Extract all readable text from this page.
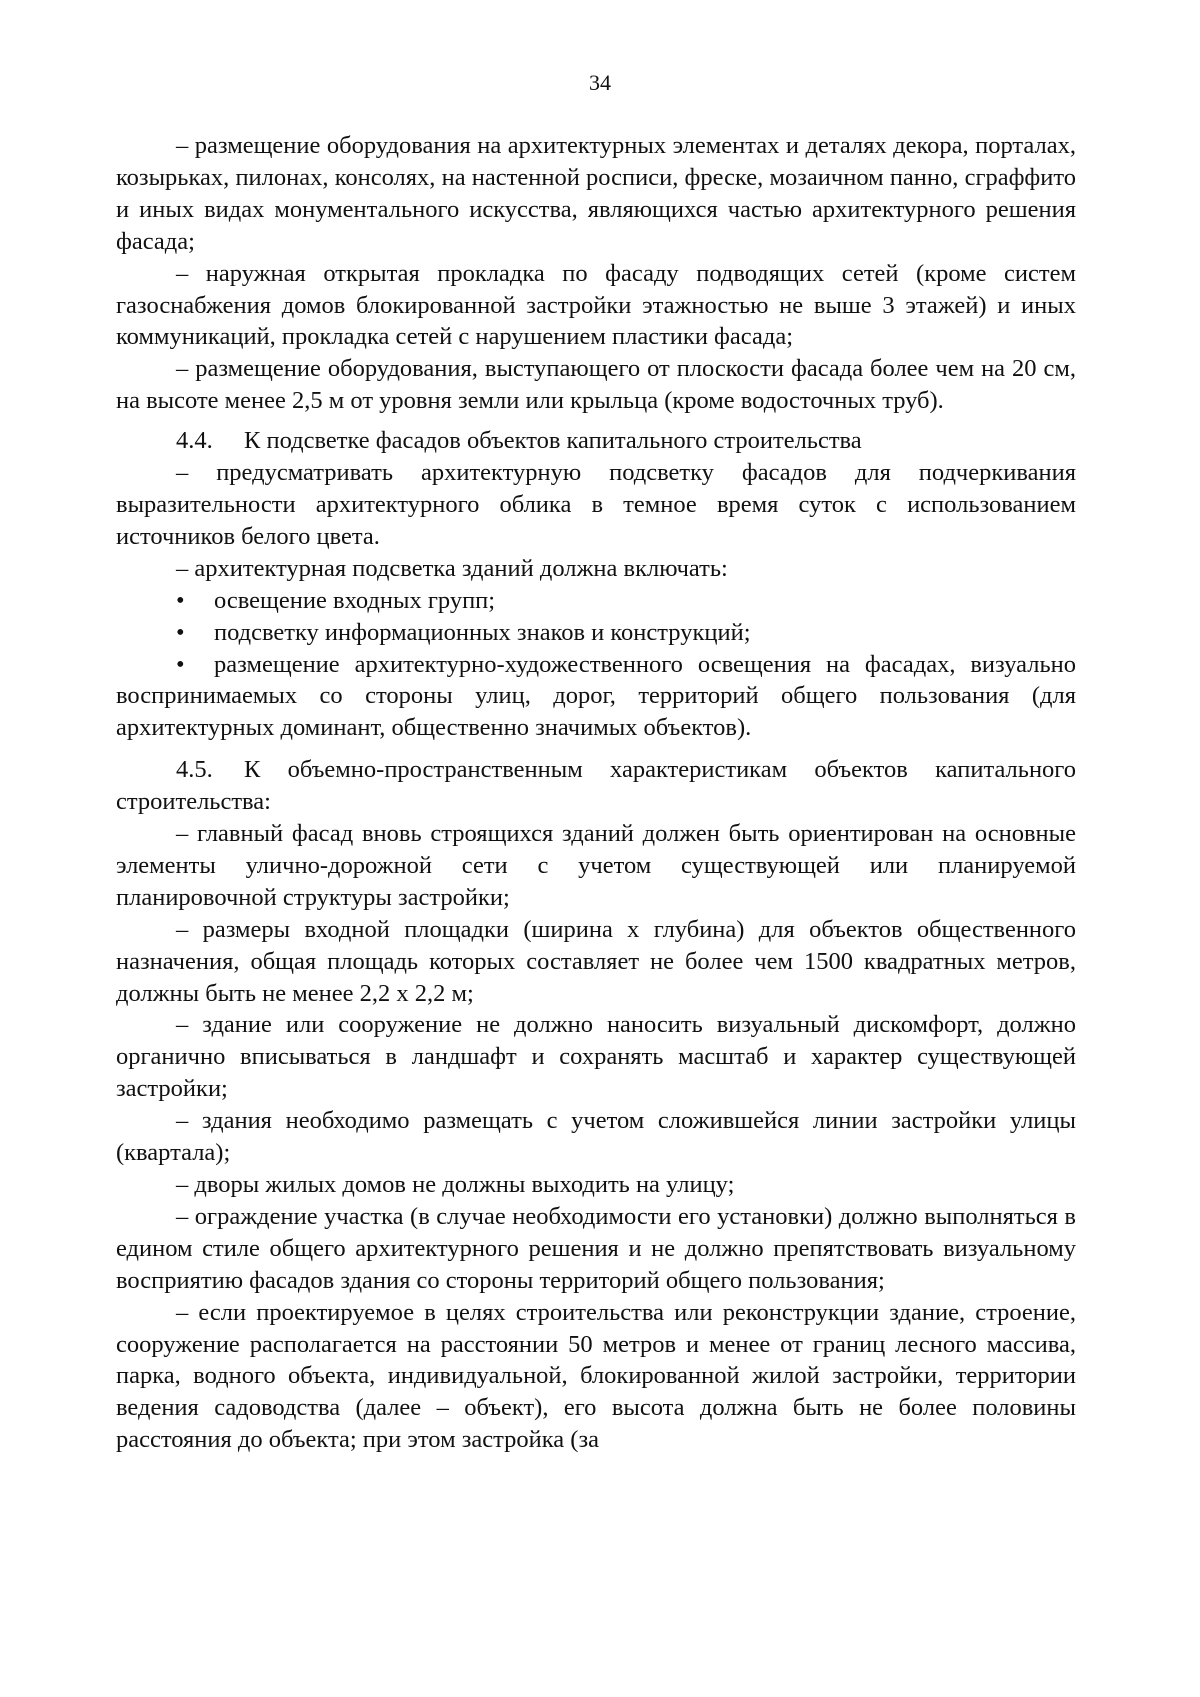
34

– размещение оборудования на архитектурных элементах и деталях декора, порталах, козырьках, пилонах, консолях, на настенной росписи, фреске, мозаичном панно, сграффито и иных видах монументального искусства, являющихся частью архитектурного решения фасада;

– наружная открытая прокладка по фасаду подводящих сетей (кроме систем газоснабжения домов блокированной застройки этажностью не выше 3 этажей) и иных коммуникаций, прокладка сетей с нарушением пластики фасада;

– размещение оборудования, выступающего от плоскости фасада более чем на 20 см, на высоте менее 2,5 м от уровня земли или крыльца (кроме водосточных труб).

4.4. К подсветке фасадов объектов капитального строительства

– предусматривать архитектурную подсветку фасадов для подчеркивания выразительности архитектурного облика в темное время суток с использованием источников белого цвета.

– архитектурная подсветка зданий должна включать:

• освещение входных групп;

• подсветку информационных знаков и конструкций;

• размещение архитектурно-художественного освещения на фасадах, визуально воспринимаемых со стороны улиц, дорог, территорий общего пользования (для архитектурных доминант, общественно значимых объектов).

4.5. К объемно-пространственным характеристикам объектов капитального строительства:

– главный фасад вновь строящихся зданий должен быть ориентирован на основные элементы улично-дорожной сети с учетом существующей или планируемой планировочной структуры застройки;

– размеры входной площадки (ширина х глубина) для объектов общественного назначения, общая площадь которых составляет не более чем 1500 квадратных метров, должны быть не менее 2,2 х 2,2 м;

– здание или сооружение не должно наносить визуальный дискомфорт, должно органично вписываться в ландшафт и сохранять масштаб и характер существующей застройки;

– здания необходимо размещать с учетом сложившейся линии застройки улицы (квартала);

– дворы жилых домов не должны выходить на улицу;

– ограждение участка (в случае необходимости его установки) должно выполняться в едином стиле общего архитектурного решения и не должно препятствовать визуальному восприятию фасадов здания со стороны территорий общего пользования;

– если проектируемое в целях строительства или реконструкции здание, строение, сооружение располагается на расстоянии 50 метров и менее от границ лесного массива, парка, водного объекта, индивидуальной, блокированной жилой застройки, территории ведения садоводства (далее – объект), его высота должна быть не более половины расстояния до объекта; при этом застройка (за
